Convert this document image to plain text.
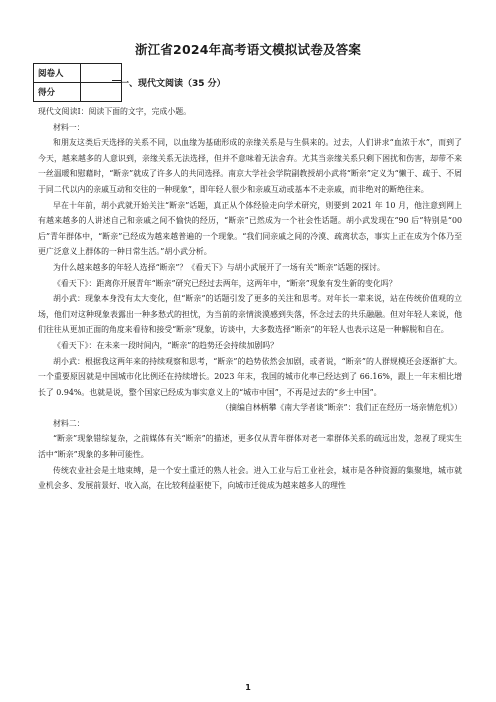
浙江省2024年高考语文模拟试卷及答案
阅卷人	
得分	
一、现代文阅读（35 分）

现代文阅读Ⅰ：阅读下面的文字，完成小题。

材料一：

和朋友这类后天选择的关系不同，以血缘为基础形成的亲缘关系是与生俱来的。过去，人们讲求“血浓于水”，而到了今天，越来越多的人意识到，亲缘关系无法选择，但并不意味着无法舍弃。尤其当亲缘关系只剩下困扰和伤害，却带不来一丝温暖和慰藉时，“断亲”就成了许多人的共同选择。南京大学社会学院副教授胡小武将“断亲”定义为“懒于、疏于、不屑于同二代以内的亲戚互动和交往的一种现象”，即年轻人很少和亲戚互动或基本不走亲戚，而非绝对的断绝往来。

早在十年前，胡小武就开始关注“断亲”话题，真正从个体经验走向学术研究，则要到 2021 年 10 月，他注意到网上有越来越多的人讲述自己和亲戚之间不愉快的经历，“断亲”已然成为一个社会性话题。胡小武发现在“90 后”特别是“00 后”青年群体中，“断亲”已经成为越来越普遍的一个现象。“我们同亲戚之间的冷漠、疏离状态，事实上正在成为个体乃至更广泛意义上群体的一种日常生活。”胡小武分析。

为什么越来越多的年轻人选择“断亲”？《看天下》与胡小武展开了一场有关“断亲”话题的探讨。

《看天下》：距离你开展青年“断亲”研究已经过去两年，这两年中，“断亲”现象有发生新的变化吗？

胡小武：现象本身没有太大变化，但“断亲”的话题引发了更多的关注和思考。对年长一辈来说，站在传统价值观的立场，他们对这种现象表露出一种多愁式的担忧，为当前的亲情淡漠感到失落，怀念过去的共乐融融。但对年轻人来说，他们往往从更加正面的角度来看待和接受“断亲”现象，访谈中，大多数选择“断亲”的年轻人也表示这是一种解脱和自在。

《看天下》：在未来一段时间内，“断亲”的趋势还会持续加剧吗？

胡小武：根据我这两年来的持续观察和思考，“断亲”的趋势依然会加剧，或者说，“断亲”的人群规模还会逐渐扩大。一个重要原因就是中国城市化比例还在持续增长。2023 年末，我国的城市化率已经达到了 66.16%，跟上一年末相比增长了 0.94%。也就是说，整个国家已经成为事实意义上的“城市中国”，不再是过去的“乡土中国”。

（摘编自林柄攀《南大学者谈“断亲”：我们正在经历一场亲情危机》）

材料二：

“断亲”现象错综复杂，之前媒体有关“断亲”的描述，更多仅从青年群体对老一辈群体关系的疏远出发，忽视了现实生活中“断亲”现象的多种可能性。

传统农业社会是土地束缚，是一个安土重迁的熟人社会。进入工业与后工业社会，城市是各种资源的集聚地，城市就业机会多、发展前景好、收入高，在比较利益驱使下，向城市迁徙成为越来越多人的理性

1
